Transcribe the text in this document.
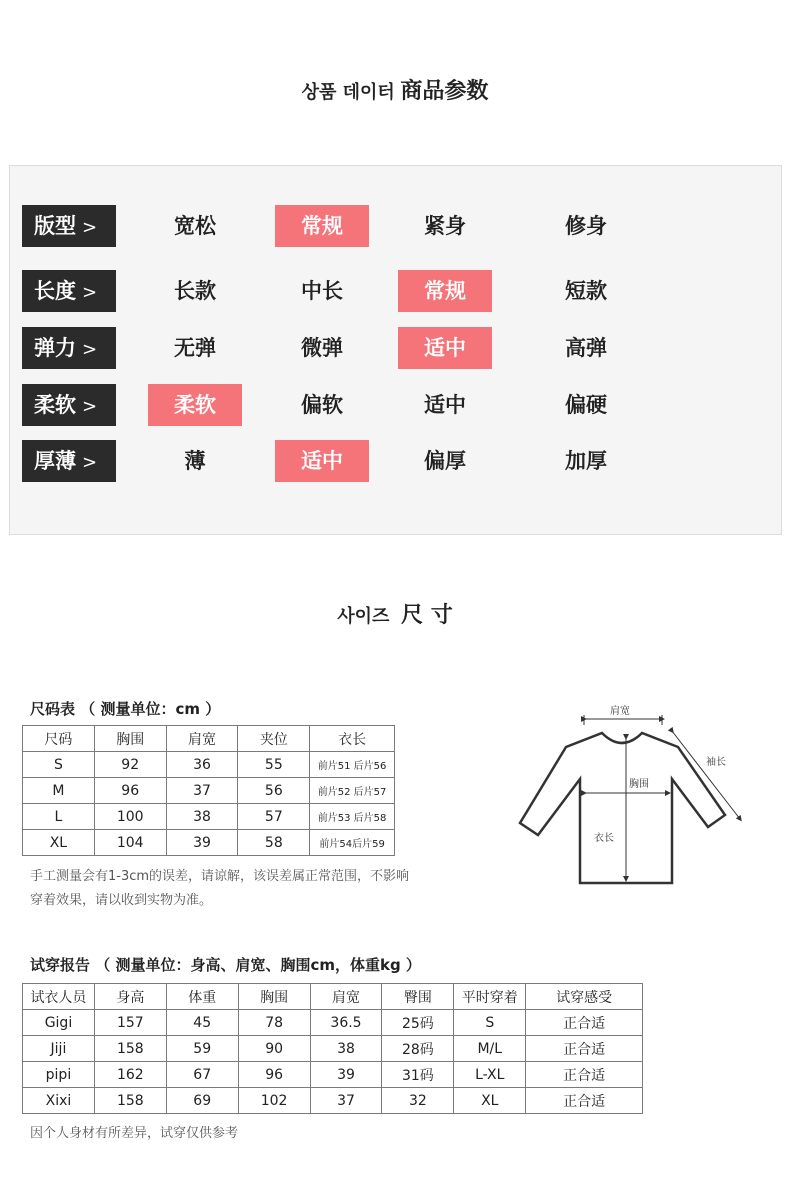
상품 데이터 商品参数
版型 >	宽松	常规	紧身	修身
长度 >	长款	中长	常规	短款
弹力 >	无弹	微弹	适中	高弹
柔软 >	柔软	偏软	适中	偏硬
厚薄 >	薄	适中	偏厚	加厚
사이즈 尺 寸
尺码表 （ 测量单位：cm ）
尺码	胸围	肩宽	夹位	衣长
S	92	36	55	前片51 后片56
M	96	37	56	前片52 后片57
L	100	38	57	前片53 后片58
XL	104	39	58	前片54后片59
手工测量会有1-3cm的误差，请谅解，该误差属正常范围，不影响
穿着效果，请以收到实物为准。
肩宽
袖长
胸围
衣长
试穿报告 （ 测量单位：身高、肩宽、胸围cm，体重kg ）
试衣人员	身高	体重	胸围	肩宽	臀围	平时穿着	试穿感受
Gigi	157	45	78	36.5	25码	S	正合适
Jiji	158	59	90	38	28码	M/L	正合适
pipi	162	67	96	39	31码	L-XL	正合适
Xixi	158	69	102	37	32	XL	正合适
因个人身材有所差异，试穿仅供参考
